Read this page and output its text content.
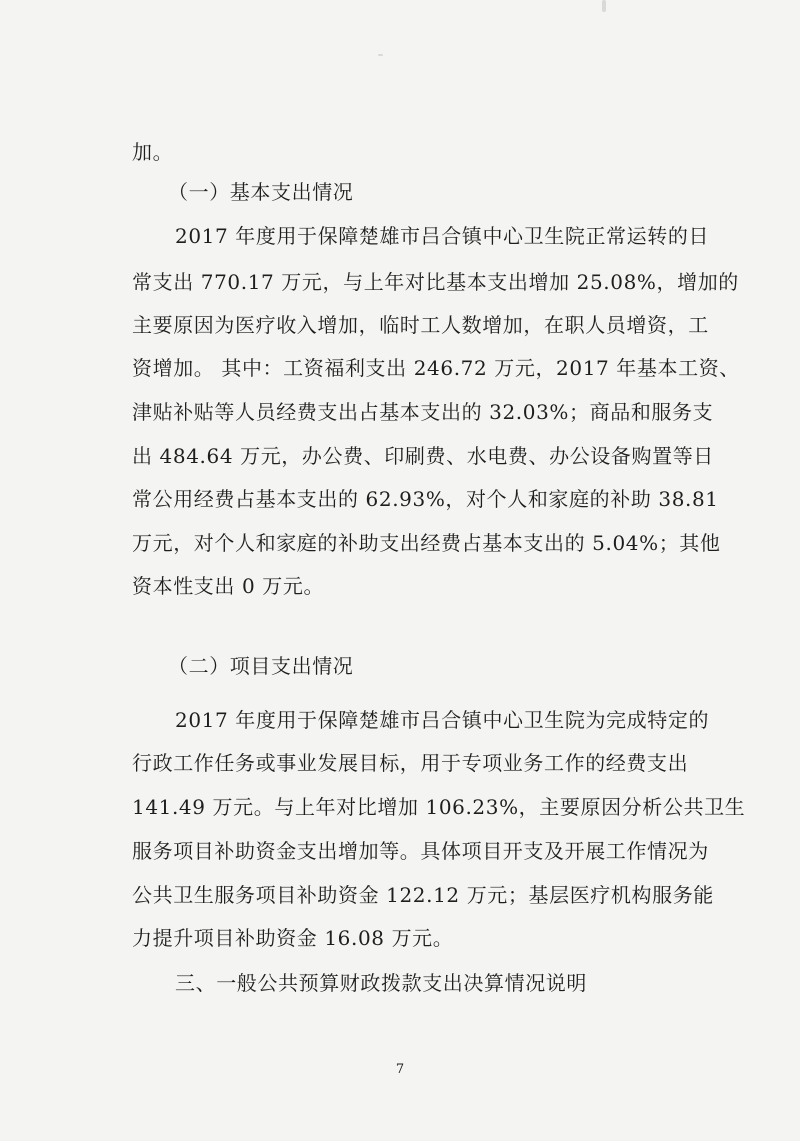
加。
（一）基本支出情况
2017 年度用于保障楚雄市吕合镇中心卫生院正常运转的日
常支出 770.17 万元，与上年对比基本支出增加 25.08%，增加的
主要原因为医疗收入增加，临时工人数增加，在职人员增资，工
资增加。 其中：工资福利支出 246.72 万元，2017 年基本工资、
津贴补贴等人员经费支出占基本支出的 32.03%；商品和服务支
出 484.64 万元，办公费、印刷费、水电费、办公设备购置等日
常公用经费占基本支出的 62.93%，对个人和家庭的补助 38.81
万元，对个人和家庭的补助支出经费占基本支出的 5.04%；其他
资本性支出 0 万元。
（二）项目支出情况
2017 年度用于保障楚雄市吕合镇中心卫生院为完成特定的
行政工作任务或事业发展目标，用于专项业务工作的经费支出
141.49 万元。与上年对比增加 106.23%，主要原因分析公共卫生
服务项目补助资金支出增加等。具体项目开支及开展工作情况为
公共卫生服务项目补助资金 122.12 万元；基层医疗机构服务能
力提升项目补助资金 16.08 万元。
三、一般公共预算财政拨款支出决算情况说明
7
